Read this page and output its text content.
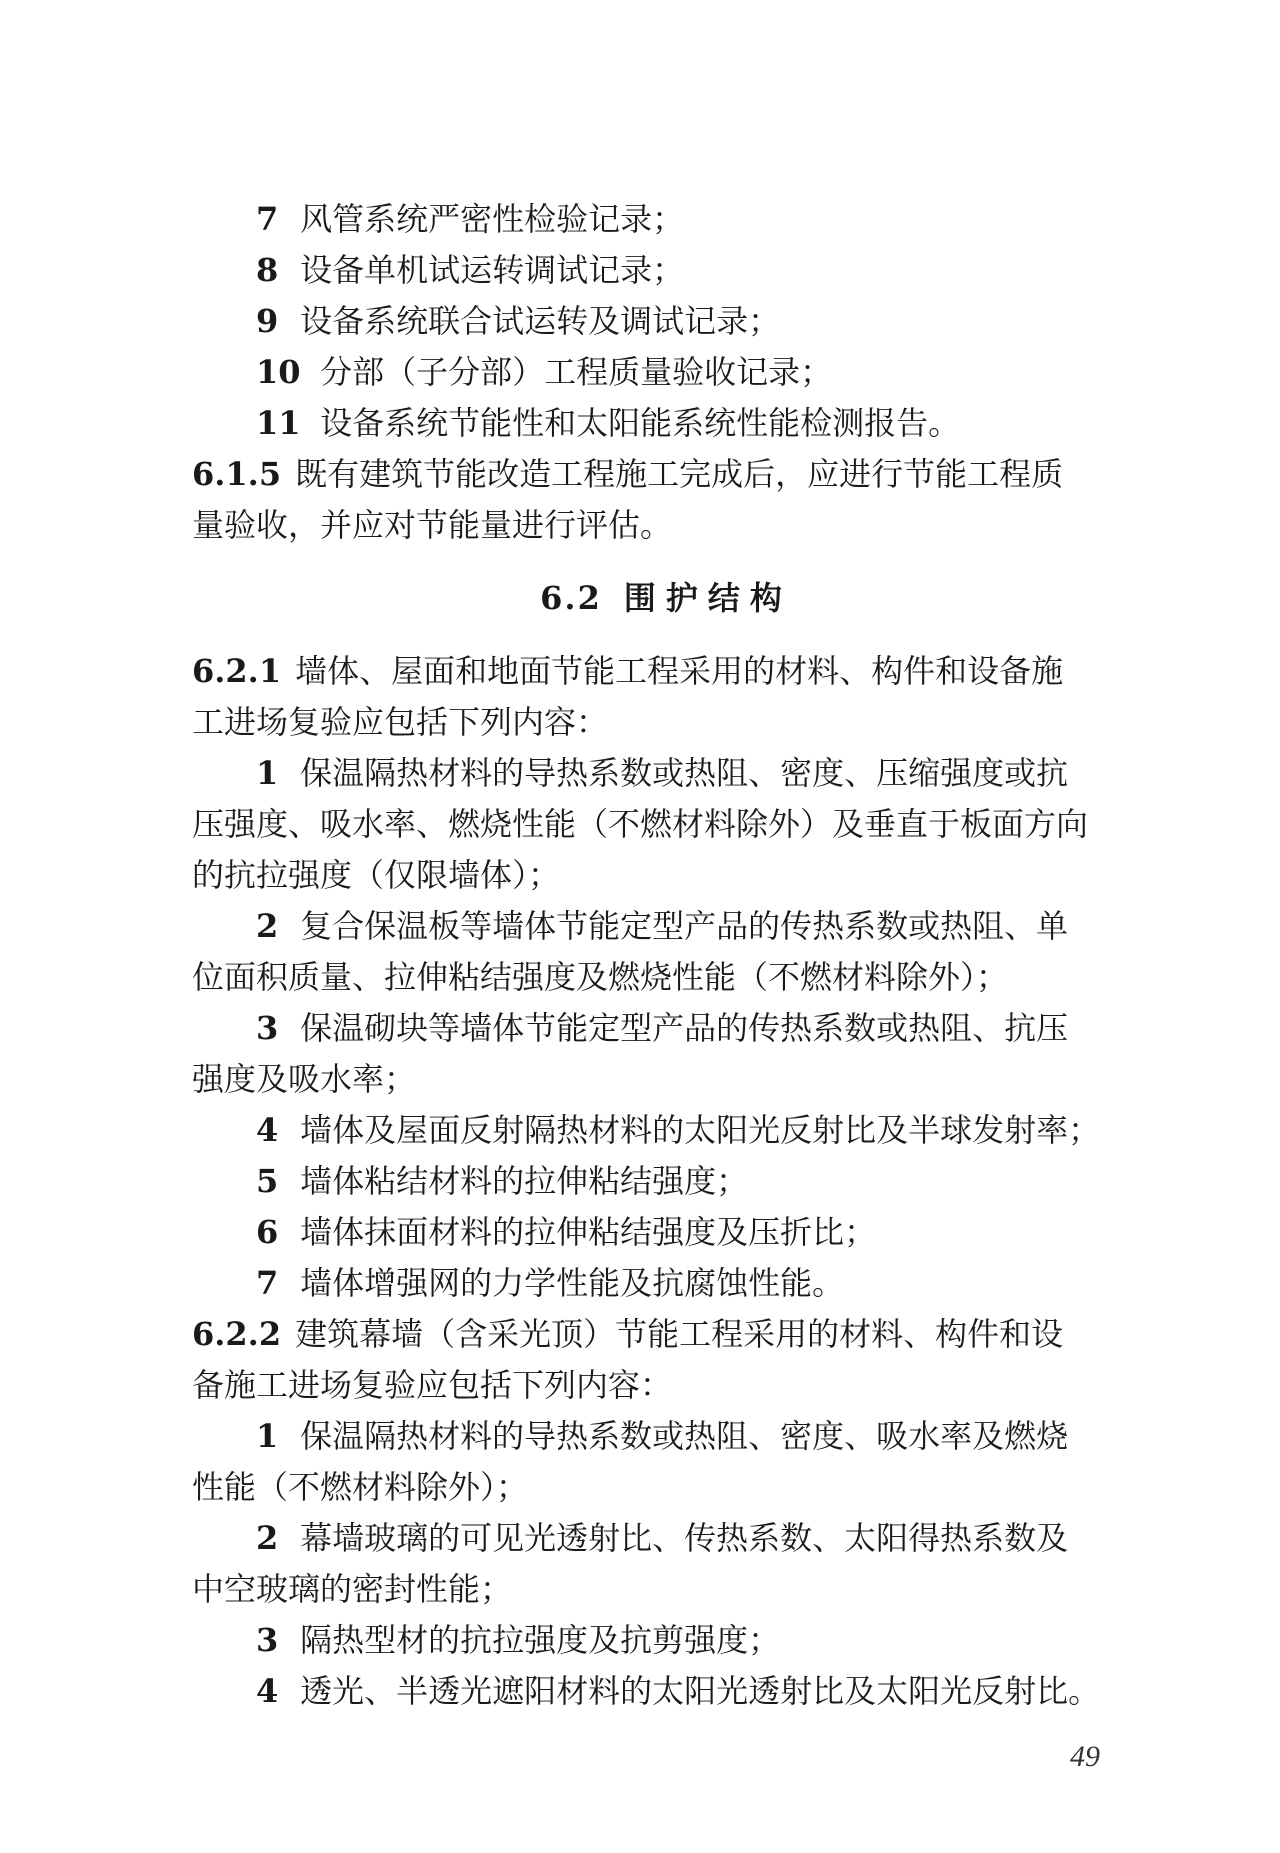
7 风管系统严密性检验记录；
8 设备单机试运转调试记录；
9 设备系统联合试运转及调试记录；
10 分部（子分部）工程质量验收记录；
11 设备系统节能性和太阳能系统性能检测报告。
6.1.5 既有建筑节能改造工程施工完成后，应进行节能工程质
量验收，并应对节能量进行评估。
6.2 围护结构
6.2.1 墙体、屋面和地面节能工程采用的材料、构件和设备施
工进场复验应包括下列内容：
1 保温隔热材料的导热系数或热阻、密度、压缩强度或抗
压强度、吸水率、燃烧性能（不燃材料除外）及垂直于板面方向
的抗拉强度（仅限墙体）；
2 复合保温板等墙体节能定型产品的传热系数或热阻、单
位面积质量、拉伸粘结强度及燃烧性能（不燃材料除外）；
3 保温砌块等墙体节能定型产品的传热系数或热阻、抗压
强度及吸水率；
4 墙体及屋面反射隔热材料的太阳光反射比及半球发射率；
5 墙体粘结材料的拉伸粘结强度；
6 墙体抹面材料的拉伸粘结强度及压折比；
7 墙体增强网的力学性能及抗腐蚀性能。
6.2.2 建筑幕墙（含采光顶）节能工程采用的材料、构件和设
备施工进场复验应包括下列内容：
1 保温隔热材料的导热系数或热阻、密度、吸水率及燃烧
性能（不燃材料除外）；
2 幕墙玻璃的可见光透射比、传热系数、太阳得热系数及
中空玻璃的密封性能；
3 隔热型材的抗拉强度及抗剪强度；
4 透光、半透光遮阳材料的太阳光透射比及太阳光反射比。
49
